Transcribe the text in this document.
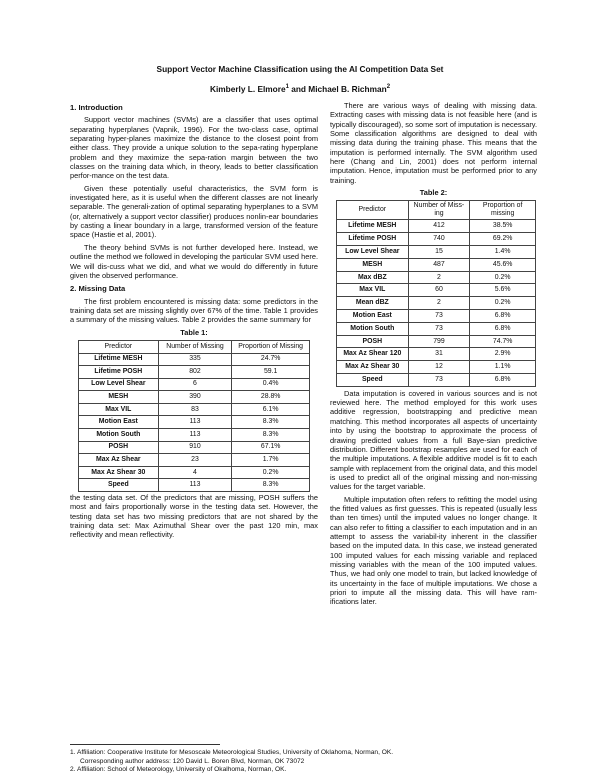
Support Vector Machine Classification using the AI Competition Data Set
Kimberly L. Elmore$^1$ and Michael B. Richman$^2$
1. Introduction

Support vector machines (SVMs) are a classifier that uses optimal separating hyperplanes (Vapnik, 1996). For the two-class case, optimal separating hyper-planes maximize the distance to the closest point from either class. They provide a unique solution to the sepa-rating hyperplane problem and they maximize the sepa-ration margin between the two classes on the training data which, in theory, leads to better classification perfor-mance on the test data.

Given these potentially useful characteristics, the SVM form is investigated here, as it is useful when the different classes are not linearly separable. The generali-zation of optimal separating hyperplanes to a SVM (or, alternatively a support vector classifier) produces nonlin-ear boundaries by casting a linear boundary in a large, transformed version of the feature space (Hastie et al, 2001).

The theory behind SVMs is not further developed here. Instead, we outline the method we followed in developing the particular SVM used here. We will dis-cuss what we did, and what we would do differently in future given the observed performance.

2. Missing Data

The first problem encountered is missing data: some predictors in the training data set are missing slightly over 67% of the time. Table 1 provides a summary of the missing values. Table 2 provides the same summary for

Table 1:
Predictor	Number of Missing	Proportion of Missing
Lifetime MESH	335	24.7%
Lifetime POSH	802	59.1
Low Level Shear	6	0.4%
MESH	390	28.8%
Max VIL	83	6.1%
Motion East	113	8.3%
Motion South	113	8.3%
POSH	910	67.1%
Max Az Shear	23	1.7%
Max Az Shear 30	4	0.2%
Speed	113	8.3%

the testing data set. Of the predictors that are missing, POSH suffers the most and fairs proportionally worse in the testing data set. However, the testing data set has two missing predictors that are not shared by the training data set: Max Azimuthal Shear over the past 120 min, max reflectivity and mean reflectivity.

There are various ways of dealing with missing data. Extracting cases with missing data is not feasible here (and is typically discouraged), so some sort of imputation is necessary. Some classification algorithms are designed to deal with missing data during the training phase. This means that the imputation is performed internally. The SVM algorithm used here (Chang and Lin, 2001) does not perform internal imputation. Hence, imputation must be performed prior to any training.

Table 2:
Predictor	Number of Miss-ing	Proportion of missing
Lifetime MESH	412	38.5%
Lifetime POSH	740	69.2%
Low Level Shear	15	1.4%
MESH	487	45.6%
Max dBZ	2	0.2%
Max VIL	60	5.6%
Mean dBZ	2	0.2%
Motion East	73	6.8%
Motion South	73	6.8%
POSH	799	74.7%
Max Az Shear 120	31	2.9%
Max Az Shear 30	12	1.1%
Speed	73	6.8%

Data imputation is covered in various sources and is not reviewed here. The method employed for this work uses additive regression, bootstrapping and predictive mean matching. This method incorporates all aspects of uncertainty into by using the bootstrap to approximate the process of drawing predicted values from a full Baye-sian predictive distribution. Different bootstrap resamples are used for each of the multiple imputations. A flexible additive model is fit to each sample with replacement from the original data, and this model is used to predict all of the original missing and non-missing values for the target variable.

Multiple imputation often refers to refitting the model using the fitted values as first guesses. This is repeated (usually less than ten times) until the imputed values no longer change. It can also refer to fitting a classifier to each imputation and in an attempt to assess the variabil-ity inherent in the classifier based on the imputed data. In this case, we instead generated 100 imputed values for each missing variable and replaced missing variables with the mean of the 100 imputed values. Thus, we had only one model to train, but lacked knowledge of its uncertainty in the face of multiple imputations. We chose a priori to impute all the missing data. This will have ram-ifications later.

1. Affiliation: Cooperative Institute for Mesoscale Meteorological Studies, University of Oklahoma, Norman, OK.
Corresponding author address: 120 David L. Boren Blvd, Norman, OK 73072
2. Affiliation: School of Meteorology, University of Okalhoma, Norman, OK.
